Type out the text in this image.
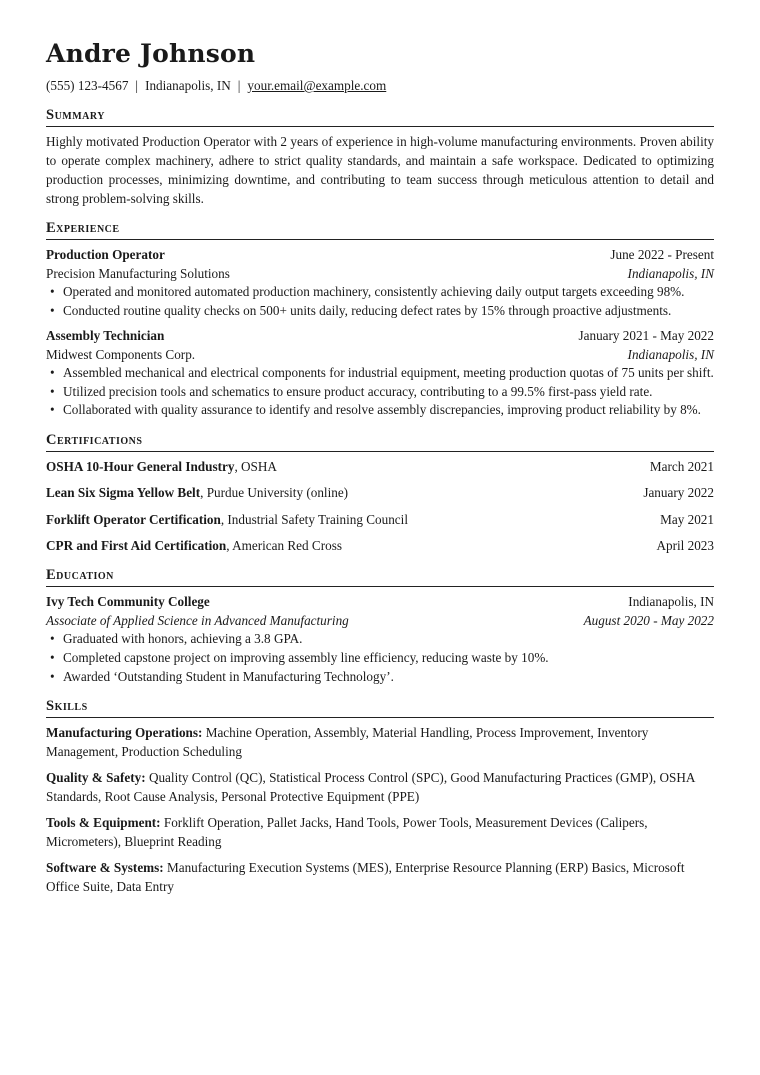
Andre Johnson
(555) 123-4567 | Indianapolis, IN | your.email@example.com
Summary
Highly motivated Production Operator with 2 years of experience in high-volume manufacturing environments. Proven ability to operate complex machinery, adhere to strict quality standards, and maintain a safe workspace. Dedicated to optimizing production processes, minimizing downtime, and contributing to team success through meticulous attention to detail and strong problem-solving skills.
Experience
Production Operator	June 2022 - Present
Precision Manufacturing Solutions	Indianapolis, IN
• Operated and monitored automated production machinery, consistently achieving daily output targets exceeding 98%.
• Conducted routine quality checks on 500+ units daily, reducing defect rates by 15% through proactive adjustments.
Assembly Technician	January 2021 - May 2022
Midwest Components Corp.	Indianapolis, IN
• Assembled mechanical and electrical components for industrial equipment, meeting production quotas of 75 units per shift.
• Utilized precision tools and schematics to ensure product accuracy, contributing to a 99.5% first-pass yield rate.
• Collaborated with quality assurance to identify and resolve assembly discrepancies, improving product reliability by 8%.
Certifications
OSHA 10-Hour General Industry, OSHA	March 2021
Lean Six Sigma Yellow Belt, Purdue University (online)	January 2022
Forklift Operator Certification, Industrial Safety Training Council	May 2021
CPR and First Aid Certification, American Red Cross	April 2023
Education
Ivy Tech Community College	Indianapolis, IN
Associate of Applied Science in Advanced Manufacturing	August 2020 - May 2022
• Graduated with honors, achieving a 3.8 GPA.
• Completed capstone project on improving assembly line efficiency, reducing waste by 10%.
• Awarded ‘Outstanding Student in Manufacturing Technology’.
Skills
Manufacturing Operations: Machine Operation, Assembly, Material Handling, Process Improvement, Inventory Management, Production Scheduling
Quality & Safety: Quality Control (QC), Statistical Process Control (SPC), Good Manufacturing Practices (GMP), OSHA Standards, Root Cause Analysis, Personal Protective Equipment (PPE)
Tools & Equipment: Forklift Operation, Pallet Jacks, Hand Tools, Power Tools, Measurement Devices (Calipers, Micrometers), Blueprint Reading
Software & Systems: Manufacturing Execution Systems (MES), Enterprise Resource Planning (ERP) Basics, Microsoft Office Suite, Data Entry
